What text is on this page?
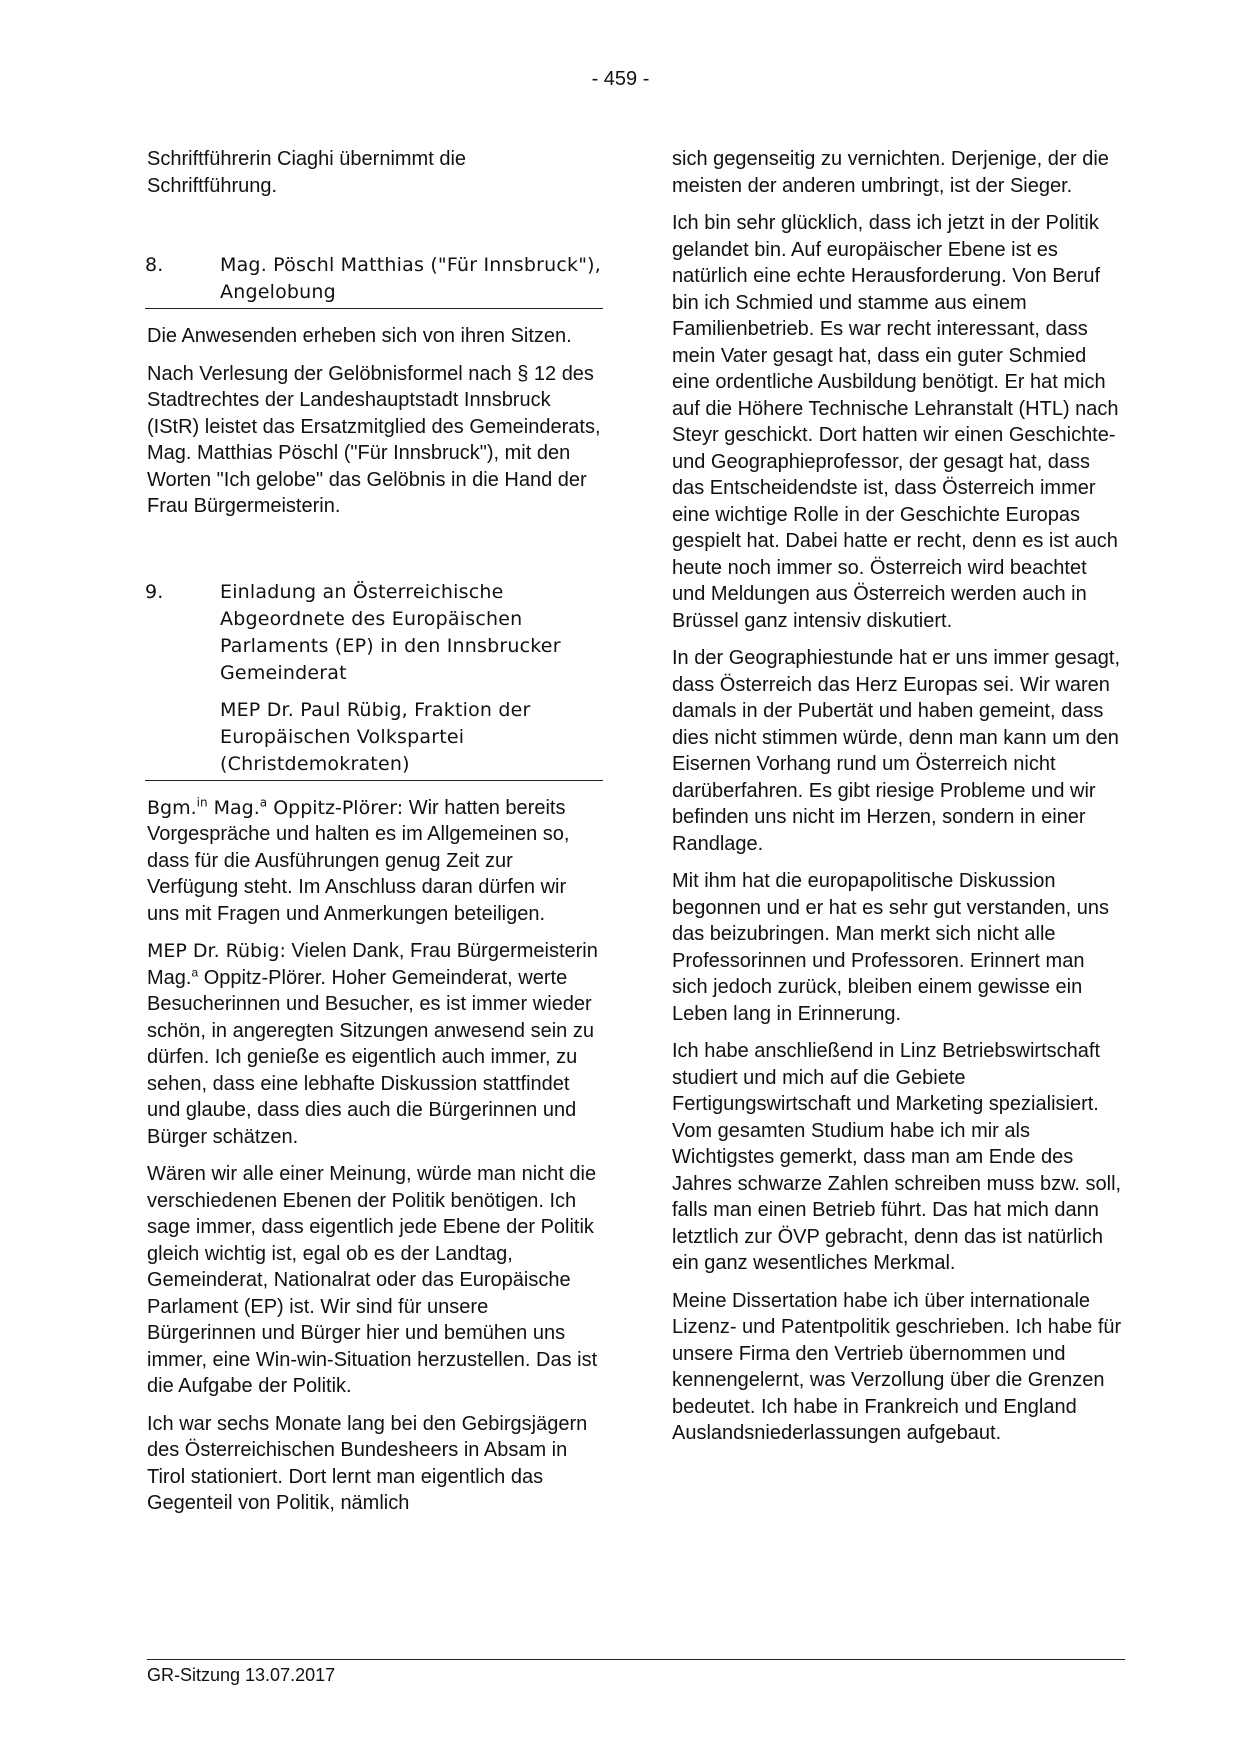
- 459 -

Schriftführerin Ciaghi übernimmt die Schriftführung.

8.	Mag. Pöschl Matthias ("Für Innsbruck"), Angelobung

Die Anwesenden erheben sich von ihren Sitzen.

Nach Verlesung der Gelöbnisformel nach § 12 des Stadtrechtes der Landeshauptstadt Innsbruck (IStR) leistet das Ersatzmitglied des Gemeinderats, Mag. Matthias Pöschl ("Für Innsbruck"), mit den Worten "Ich gelobe" das Gelöbnis in die Hand der Frau Bürgermeisterin.

9.	Einladung an Österreichische Abgeordnete des Europäischen Parlaments (EP) in den Innsbrucker Gemeinderat
MEP Dr. Paul Rübig, Fraktion der Europäischen Volkspartei (Christdemokraten)

Bgm.$^{in}$ Mag.$^a$ Oppitz-Plörer: Wir hatten bereits Vorgespräche und halten es im Allgemeinen so, dass für die Ausführungen genug Zeit zur Verfügung steht. Im Anschluss daran dürfen wir uns mit Fragen und Anmerkungen beteiligen.

MEP Dr. Rübig: Vielen Dank, Frau Bürgermeisterin Mag.$^a$ Oppitz-Plörer. Hoher Gemeinderat, werte Besucherinnen und Besucher, es ist immer wieder schön, in angeregten Sitzungen anwesend sein zu dürfen. Ich genieße es eigentlich auch immer, zu sehen, dass eine lebhafte Diskussion stattfindet und glaube, dass dies auch die Bürgerinnen und Bürger schätzen.

Wären wir alle einer Meinung, würde man nicht die verschiedenen Ebenen der Politik benötigen. Ich sage immer, dass eigentlich jede Ebene der Politik gleich wichtig ist, egal ob es der Landtag, Gemeinderat, Nationalrat oder das Europäische Parlament (EP) ist. Wir sind für unsere Bürgerinnen und Bürger hier und bemühen uns immer, eine Win-win-Situation herzustellen. Das ist die Aufgabe der Politik.

Ich war sechs Monate lang bei den Gebirgsjägern des Österreichischen Bundesheers in Absam in Tirol stationiert. Dort lernt man eigentlich das Gegenteil von Politik, nämlich

sich gegenseitig zu vernichten. Derjenige, der die meisten der anderen umbringt, ist der Sieger.

Ich bin sehr glücklich, dass ich jetzt in der Politik gelandet bin. Auf europäischer Ebene ist es natürlich eine echte Herausforderung. Von Beruf bin ich Schmied und stamme aus einem Familienbetrieb. Es war recht interessant, dass mein Vater gesagt hat, dass ein guter Schmied eine ordentliche Ausbildung benötigt. Er hat mich auf die Höhere Technische Lehranstalt (HTL) nach Steyr geschickt. Dort hatten wir einen Geschichte- und Geographieprofessor, der gesagt hat, dass das Entscheidendste ist, dass Österreich immer eine wichtige Rolle in der Geschichte Europas gespielt hat. Dabei hatte er recht, denn es ist auch heute noch immer so. Österreich wird beachtet und Meldungen aus Österreich werden auch in Brüssel ganz intensiv diskutiert.

In der Geographiestunde hat er uns immer gesagt, dass Österreich das Herz Europas sei. Wir waren damals in der Pubertät und haben gemeint, dass dies nicht stimmen würde, denn man kann um den Eisernen Vorhang rund um Österreich nicht darüberfahren. Es gibt riesige Probleme und wir befinden uns nicht im Herzen, sondern in einer Randlage.

Mit ihm hat die europapolitische Diskussion begonnen und er hat es sehr gut verstanden, uns das beizubringen. Man merkt sich nicht alle Professorinnen und Professoren. Erinnert man sich jedoch zurück, bleiben einem gewisse ein Leben lang in Erinnerung.

Ich habe anschließend in Linz Betriebswirtschaft studiert und mich auf die Gebiete Fertigungswirtschaft und Marketing spezialisiert. Vom gesamten Studium habe ich mir als Wichtigstes gemerkt, dass man am Ende des Jahres schwarze Zahlen schreiben muss bzw. soll, falls man einen Betrieb führt. Das hat mich dann letztlich zur ÖVP gebracht, denn das ist natürlich ein ganz wesentliches Merkmal.

Meine Dissertation habe ich über internationale Lizenz- und Patentpolitik geschrieben. Ich habe für unsere Firma den Vertrieb übernommen und kennengelernt, was Verzollung über die Grenzen bedeutet. Ich habe in Frankreich und England Auslandsniederlassungen aufgebaut.

GR-Sitzung 13.07.2017
